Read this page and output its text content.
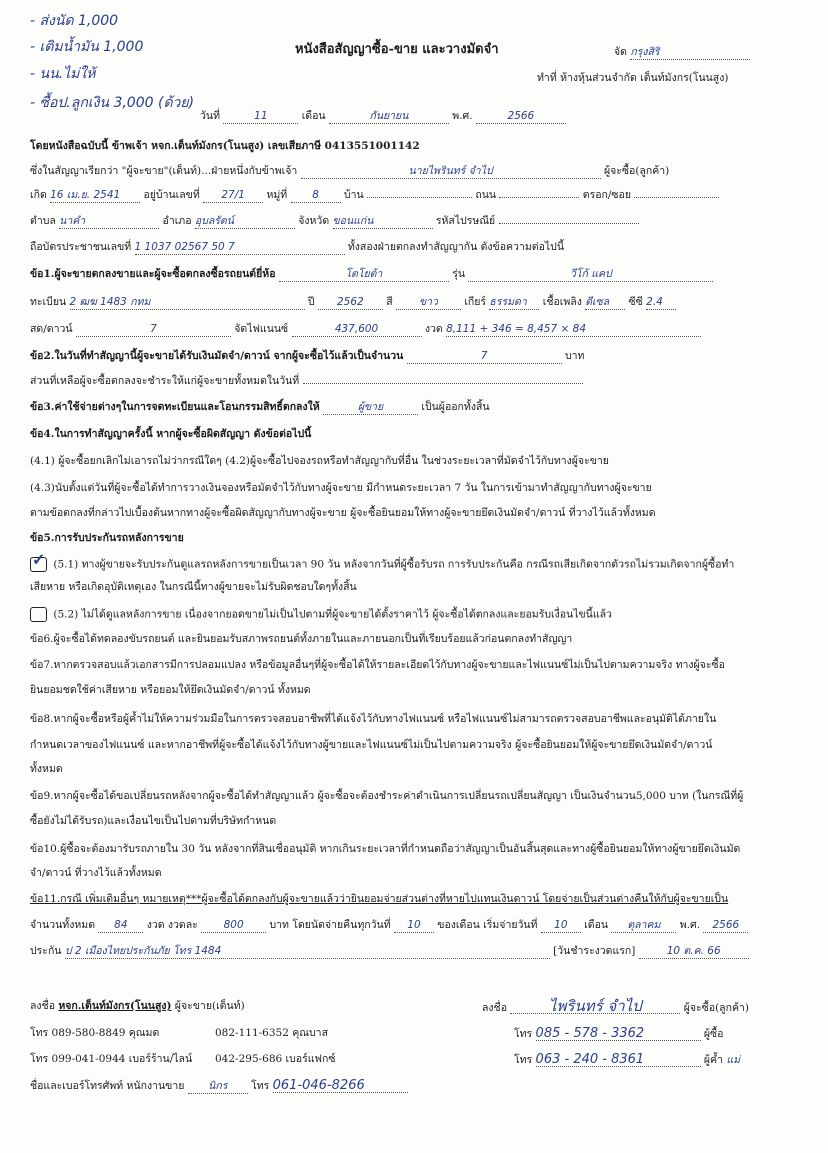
- ส่งนัด 1,000
- เติมน้ำมัน 1,000
- นน.ไม่ให้
- ซื้อป.ลูกเงิน 3,000 (ด้วย)
หนังสือสัญญาซื้อ-ขาย และวางมัดจำ	จัด กรุงสิริ
ทำที่ ห้างหุ้นส่วนจำกัด เต็นท์มังกร(โนนสูง)
วันที่	11	เดือน	กันยายน	พ.ศ.	2566
โดยหนังสือฉบับนี้ ข้าพเจ้า หจก.เต็นท์มังกร(โนนสูง) เลขเสียภาษี 0413551001142
ซึ่งในสัญญาเรียกว่า "ผู้จะขาย"(เต็นท์)...ฝ่ายหนึ่งกับข้าพเจ้า	นายไพรินทร์ จำไป	ผู้จะซื้อ(ลูกค้า)
เกิด 16 เม.ย. 2541 อยู่บ้านเลขที่ 27/1 หมู่ที่ 8 บ้าน	ถนน	ตรอก/ซอย
ตำบล นาคำ	อำเภอ อุบลรัตน์	จังหวัด ขอนแก่น	รหัสไปรษณีย์
ถือบัตรประชาชนเลขที่ 1 1037 02567 50 7	ทั้งสองฝ่ายตกลงทำสัญญากัน ดังข้อความต่อไปนี้
ข้อ1.ผู้จะขายตกลงขายและผู้จะซื้อตกลงซื้อรถยนต์ยี่ห้อ	โตโยต้า	รุ่น	วีโก้ แคป
ทะเบียน 2 ฒฆ 1483 กทม	ปี 2562 สี	ขาว	เกียร์ ธรรมดา เชื้อเพลิง ดีเซล ซีซี 2.4
สด/ดาวน์	7	จัดไฟแนนซ์	437,600	งวด 8,111 + 346 = 8,457 × 84
ข้อ2.ในวันที่ทำสัญญานี้ผู้จะขายได้รับเงินมัดจำ/ดาวน์ จากผู้จะซื้อไว้แล้วเป็นจำนวน	7	บาท
ส่วนที่เหลือผู้จะซื้อตกลงจะชำระให้แก่ผู้จะขายทั้งหมดในวันที่
ข้อ3.ค่าใช้จ่ายต่างๆในการจดทะเบียนและโอนกรรมสิทธิ์ตกลงให้	ผู้ขาย	เป็นผู้ออกทั้งสิ้น
ข้อ4.ในการทำสัญญาครั้งนี้ หากผู้จะซื้อผิดสัญญา ดังข้อต่อไปนี้
(4.1) ผู้จะซื้อยกเลิกไม่เอารถไม่ว่ากรณีใดๆ (4.2)ผู้จะซื้อไปจองรถหรือทำสัญญากับที่อื่น ในช่วงระยะเวลาที่มัดจำไว้กับทางผู้จะขาย
(4.3)นับตั้งแต่วันที่ผู้จะซื้อได้ทำการวางเงินจองหรือมัดจำไว้กับทางผู้จะขาย มีกำหนดระยะเวลา 7 วัน ในการเข้ามาทำสัญญากับทางผู้จะขาย
ตามข้อตกลงที่กล่าวไปเบื้องต้นหากทางผู้จะซื้อผิดสัญญากับทางผู้จะขาย ผู้จะซื้อยินยอมให้ทางผู้จะขายยึดเงินมัดจำ/ดาวน์ ที่วางไว้แล้วทั้งหมด
ข้อ5.การรับประกันรถหลังการขาย
✓ (5.1) ทางผู้ขายจะรับประกันดูแลรถหลังการขายเป็นเวลา 90 วัน หลังจากวันที่ผู้ซื้อรับรถ การรับประกันคือ กรณีรถเสียเกิดจากตัวรถไม่รวมเกิดจากผู้ซื้อทำ
เสียหาย หรือเกิดอุบัติเหตุเอง ในกรณีนี้ทางผู้ขายจะไม่รับผิดชอบใดๆทั้งสิ้น
(5.2) ไม่ได้ดูแลหลังการขาย เนื่องจากยอดขายไม่เป็นไปตามที่ผู้จะขายได้ตั้งราคาไว้ ผู้จะซื้อได้ตกลงและยอมรับเงื่อนไขนี้แล้ว
ข้อ6.ผู้จะซื้อได้ทดลองขับรถยนต์ และยินยอมรับสภาพรถยนต์ทั้งภายในและภายนอกเป็นที่เรียบร้อยแล้วก่อนตกลงทำสัญญา
ข้อ7.หากตรวจสอบแล้วเอกสารมีการปลอมแปลง หรือข้อมูลอื่นๆที่ผู้จะซื้อได้ให้รายละเอียดไว้กับทางผู้จะขายและไฟแนนซ์ไม่เป็นไปตามความจริง ทางผู้จะซื้อ
ยินยอมชดใช้ค่าเสียหาย หรือยอมให้ยึดเงินมัดจำ/ดาวน์ ทั้งหมด
ข้อ8.หากผู้จะซื้อหรือผู้ค้ำไม่ให้ความร่วมมือในการตรวจสอบอาชีพที่ได้แจ้งไว้กับทางไฟแนนซ์ หรือไฟแนนซ์ไม่สามารถตรวจสอบอาชีพและอนุมัติได้ภายใน
กำหนดเวลาของไฟแนนซ์ และหากอาชีพที่ผู้จะซื้อได้แจ้งไว้กับทางผู้ขายและไฟแนนซ์ไม่เป็นไปตามความจริง ผู้จะซื้อยินยอมให้ผู้จะขายยึดเงินมัดจำ/ดาวน์
ทั้งหมด
ข้อ9.หากผู้จะซื้อได้ขอเปลี่ยนรถหลังจากผู้จะซื้อได้ทำสัญญาแล้ว ผู้จะซื้อจะต้องชำระค่าดำเนินการเปลี่ยนรถเปลี่ยนสัญญา เป็นเงินจำนวน5,000 บาท (ในกรณีที่ผู้
ซื้อยังไม่ได้รับรถ)และเงื่อนไขเป็นไปตามที่บริษัทกำหนด
ข้อ10.ผู้ซื้อจะต้องมารับรถภายใน 30 วัน หลังจากที่สินเชื่ออนุมัติ หากเกินระยะเวลาที่กำหนดถือว่าสัญญาเป็นอันสิ้นสุดและทางผู้ซื้อยินยอมให้ทางผู้ขายยึดเงินมัด
จำ/ดาวน์ ที่วางไว้แล้วทั้งหมด
ข้อ11.กรณี เพิ่มเติมอื่นๆ หมายเหตุ***ผู้จะซื้อได้ตกลงกับผู้จะขายแล้วว่ายินยอมจ่ายส่วนต่างที่หายไปแทนเงินดาวน์ โดยจ่ายเป็นส่วนต่างคืนให้กับผู้จะขายเป็น
จำนวนทั้งหมด 84 งวด งวดละ 800 บาท โดยนัดจ่ายคืนทุกวันที่ 10 ของเดือน เริ่มจ่ายวันที่ 10 เดือน ตุลาคม พ.ศ. 2566
ประกัน ป 2 เมืองไทยประกันภัย โทร 1484	[วันชำระงวดแรก]	10 ต.ค. 66
ลงชื่อ หจก.เต็นท์มังกร(โนนสูง) ผู้จะขาย(เต็นท์)	ลงชื่อ	ไพรินทร์ จำไป	ผู้จะซื้อ(ลูกค้า)
โทร 089-580-8849 คุณมด	082-111-6352 คุณบาส	โทร 085 - 578 - 3362	ผู้ซื้อ
โทร 099-041-0944 เบอร์ร้าน/ไลน์ 042-295-686 เบอร์แฟกซ์	โทร 063 - 240 - 8361	ผู้ค้ำ แม่
ชื่อและเบอร์โทรศัพท์ หนักงานขาย นิกร โทร 061-046-8266
